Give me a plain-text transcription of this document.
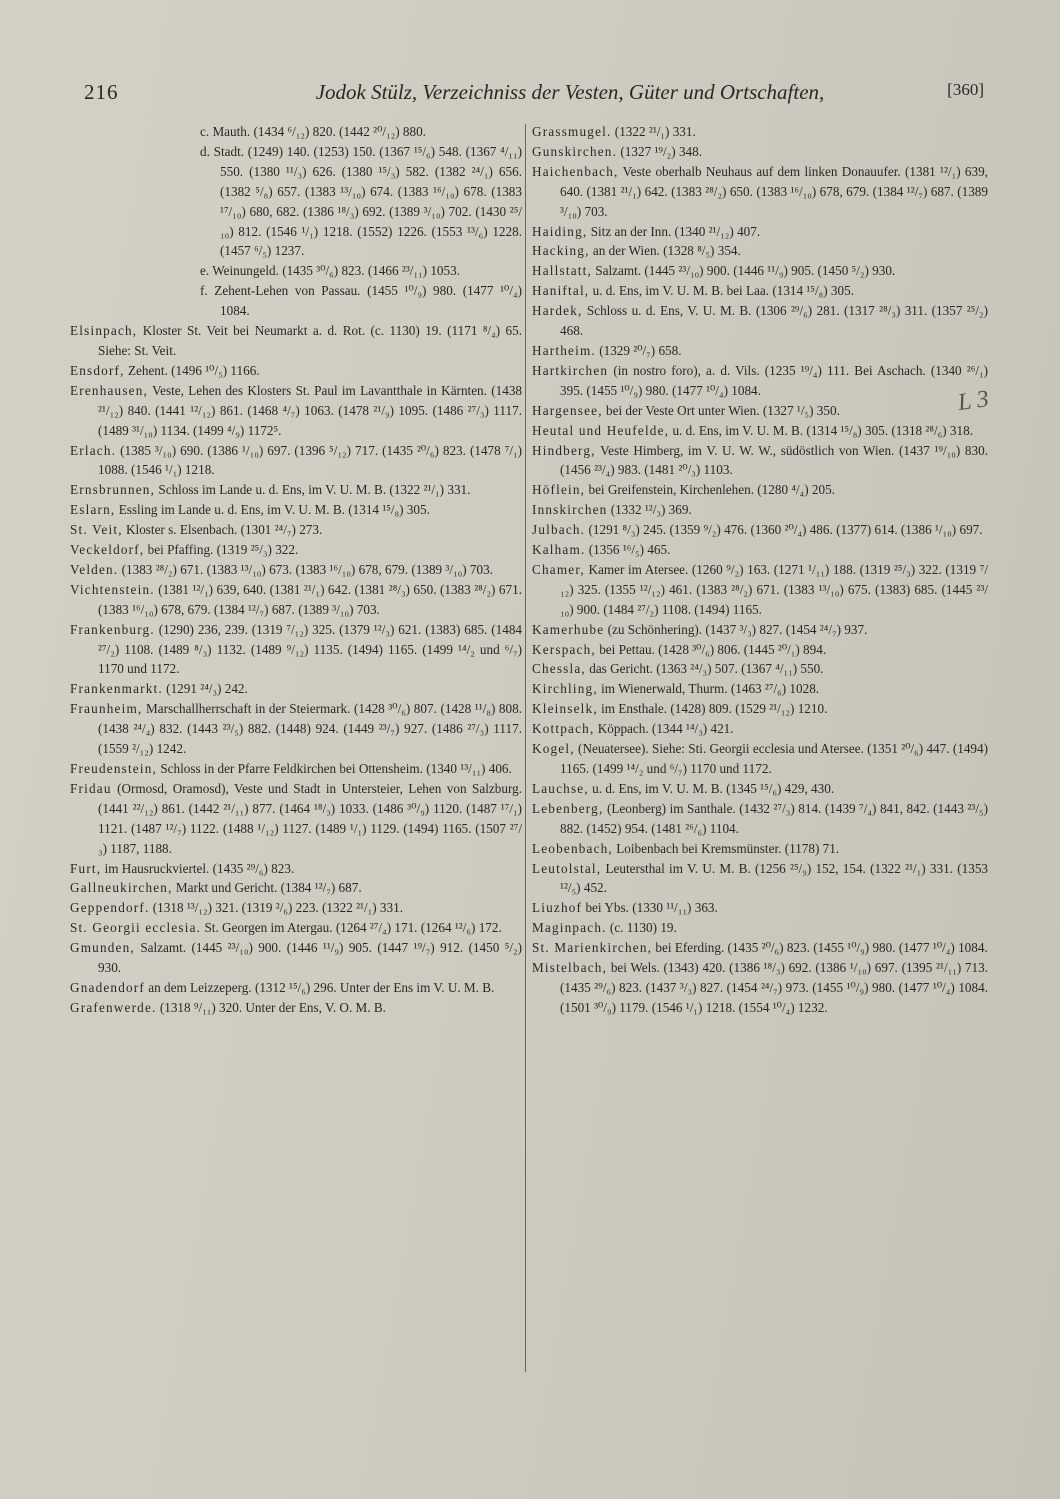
216	Jodok Stülz, Verzeichniss der Vesten, Güter und Ortschaften,	[360]

c. Mauth. (1434 ⁶/₁₂) 820. (1442 ²⁰/₁₂) 880.

d. Stadt. (1249) 140. (1253) 150. (1367 ¹⁵/₆) 548. (1367 ⁴/₁₁) 550. (1380 ¹¹/₃) 626. (1380 ¹⁵/₃) 582. (1382 ²⁴/₁) 656. (1382 ⁵/₈) 657. (1383 ¹³/₁₀) 674. (1383 ¹⁶/₁₀) 678. (1383 ¹⁷/₁₀) 680, 682. (1386 ¹⁸/₃) 692. (1389 ³/₁₀) 702. (1430 ²⁵/₁₀) 812. (1546 ¹/₁) 1218. (1552) 1226. (1553 ¹³/₆) 1228. (1457 ⁶/₅) 1237.

e. Weinungeld. (1435 ³⁰/₆) 823. (1466 ²³/₁₁) 1053.

f. Zehent-Lehen von Passau. (1455 ¹⁰/₉) 980. (1477 ¹⁰/₄) 1084.

Elsinpach, Kloster St. Veit bei Neumarkt a. d. Rot. (c. 1130) 19. (1171 ⁸/₄) 65. Siehe: St. Veit.

Ensdorf, Zehent. (1496 ¹⁰/₅) 1166.

Erenhausen, Veste, Lehen des Klosters St. Paul im Lavantthale in Kärnten. (1438 ²¹/₁₂) 840. (1441 ¹²/₁₂) 861. (1468 ⁴/₇) 1063. (1478 ²¹/₉) 1095. (1486 ²⁷/₃) 1117. (1489 ³¹/₁₀) 1134. (1499 ⁴/₉) 1172⁵.

Erlach. (1385 ³/₁₀) 690. (1386 ¹/₁₀) 697. (1396 ⁵/₁₂) 717. (1435 ²⁰/₆) 823. (1478 ⁷/₁) 1088. (1546 ¹/₁) 1218.

Ernsbrunnen, Schloss im Lande u. d. Ens, im V. U. M. B. (1322 ²¹/₁) 331.

Eslarn, Essling im Lande u. d. Ens, im V. U. M. B. (1314 ¹⁵/₈) 305.

St. Veit, Kloster s. Elsenbach. (1301 ²⁴/₇) 273.

Veckeldorf, bei Pfaffing. (1319 ²⁵/₃) 322.

Velden. (1383 ²⁸/₂) 671. (1383 ¹³/₁₀) 673. (1383 ¹⁶/₁₀) 678, 679. (1389 ³/₁₀) 703.

Vichtenstein. (1381 ¹²/₁) 639, 640. (1381 ²¹/₁) 642. (1381 ²⁸/₃) 650. (1383 ²⁸/₂) 671. (1383 ¹⁶/₁₀) 678, 679. (1384 ¹²/₇) 687. (1389 ³/₁₀) 703.

Frankenburg. (1290) 236, 239. (1319 ⁷/₁₂) 325. (1379 ¹²/₃) 621. (1383) 685. (1484 ²⁷/₂) 1108. (1489 ⁸/₃) 1132. (1489 ⁹/₁₂) 1135. (1494) 1165. (1499 ¹⁴/₂ und ⁶/₇) 1170 und 1172.

Frankenmarkt. (1291 ²⁴/₃) 242.

Fraunheim, Marschallherrschaft in der Steiermark. (1428 ³⁰/₆) 807. (1428 ¹¹/₈) 808. (1438 ²⁴/₄) 832. (1443 ²³/₅) 882. (1448) 924. (1449 ²³/₇) 927. (1486 ²⁷/₃) 1117. (1559 ²/₁₂) 1242.

Freudenstein, Schloss in der Pfarre Feldkirchen bei Ottensheim. (1340 ¹³/₁₁) 406.

Fridau (Ormosd, Oramosd), Veste und Stadt in Untersteier, Lehen von Salzburg. (1441 ²²/₁₂) 861. (1442 ²¹/₁₁) 877. (1464 ¹⁸/₃) 1033. (1486 ³⁰/₉) 1120. (1487 ¹⁷/₁) 1121. (1487 ¹²/₇) 1122. (1488 ¹/₁₂) 1127. (1489 ¹/₁) 1129. (1494) 1165. (1507 ²⁷/₃) 1187, 1188.

Furt, im Hausruckviertel. (1435 ²⁹/₆) 823.

Gallneukirchen, Markt und Gericht. (1384 ¹²/₇) 687.

Geppendorf. (1318 ¹³/₁₂) 321. (1319 ²/₆) 223. (1322 ²¹/₁) 331.

St. Georgii ecclesia. St. Georgen im Atergau. (1264 ²⁷/₄) 171. (1264 ¹²/₆) 172.

Gmunden, Salzamt. (1445 ²³/₁₀) 900. (1446 ¹¹/₉) 905. (1447 ¹⁹/₇) 912. (1450 ⁵/₂) 930.

Gnadendorf an dem Leizzeperg. (1312 ¹⁵/₆) 296. Unter der Ens im V. U. M. B.

Grafenwerde. (1318 ⁹/₁₁) 320. Unter der Ens, V. O. M. B.

Grassmugel. (1322 ²¹/₁) 331.

Gunskirchen. (1327 ¹⁹/₂) 348.

Haichenbach, Veste oberhalb Neuhaus auf dem linken Donauufer. (1381 ¹²/₁) 639, 640. (1381 ²¹/₁) 642. (1383 ²⁸/₂) 650. (1383 ¹⁶/₁₀) 678, 679. (1384 ¹²/₇) 687. (1389 ³/₁₀) 703.

Haiding, Sitz an der Inn. (1340 ²¹/₁₂) 407.

Hacking, an der Wien. (1328 ⁸/₅) 354.

Hallstatt, Salzamt. (1445 ²³/₁₀) 900. (1446 ¹¹/₉) 905. (1450 ⁵/₂) 930.

Haniftal, u. d. Ens, im V. U. M. B. bei Laa. (1314 ¹⁵/₈) 305.

Hardek, Schloss u. d. Ens, V. U. M. B. (1306 ²⁹/₆) 281. (1317 ²⁸/₃) 311. (1357 ²⁵/₂) 468.

Hartheim. (1329 ²⁰/₇) 658.

Hartkirchen (in nostro foro), a. d. Vils. (1235 ¹⁹/₄) 111. Bei Aschach. (1340 ²⁶/₁) 395. (1455 ¹⁰/₉) 980. (1477 ¹⁰/₄) 1084.

Hargensee, bei der Veste Ort unter Wien. (1327 ¹/₅) 350.

Heutal und Heufelde, u. d. Ens, im V. U. M. B. (1314 ¹⁵/₈) 305. (1318 ²⁸/₆) 318.

Hindberg, Veste Himberg, im V. U. W. W., südöstlich von Wien. (1437 ¹⁹/₁₀) 830. (1456 ²³/₄) 983. (1481 ²⁰/₃) 1103.

Höflein, bei Greifenstein, Kirchenlehen. (1280 ⁴/₄) 205.

Innskirchen (1332 ¹²/₃) 369.

Julbach. (1291 ⁸/₃) 245. (1359 ⁹/₂) 476. (1360 ²⁰/₄) 486. (1377) 614. (1386 ¹/₁₀) 697.

Kalham. (1356 ¹⁶/₅) 465.

Chamer, Kamer im Atersee. (1260 ⁹/₂) 163. (1271 ¹/₁₁) 188. (1319 ²⁵/₃) 322. (1319 ⁷/₁₂) 325. (1355 ¹²/₁₂) 461. (1383 ²⁸/₂) 671. (1383 ¹³/₁₀) 675. (1383) 685. (1445 ²³/₁₀) 900. (1484 ²⁷/₂) 1108. (1494) 1165.

Kamerhube (zu Schönhering). (1437 ³/₃) 827. (1454 ²⁴/₇) 937.

Kerspach, bei Pettau. (1428 ³⁰/₆) 806. (1445 ²⁰/₁) 894.

Chessla, das Gericht. (1363 ²⁴/₃) 507. (1367 ⁴/₁₁) 550.

Kirchling, im Wienerwald, Thurm. (1463 ²⁷/₆) 1028.

Kleinselk, im Ensthale. (1428) 809. (1529 ²¹/₁₂) 1210.

Kottpach, Köppach. (1344 ¹⁴/₃) 421.

Kogel, (Neuatersee). Siehe: Sti. Georgii ecclesia und Atersee. (1351 ²⁰/₆) 447. (1494) 1165. (1499 ¹⁴/₂ und ⁶/₇) 1170 und 1172.

Lauchse, u. d. Ens, im V. U. M. B. (1345 ¹⁵/₆) 429, 430.

Lebenberg, (Leonberg) im Santhale. (1432 ²⁷/₃) 814. (1439 ⁷/₄) 841, 842. (1443 ²³/₅) 882. (1452) 954. (1481 ²⁶/₆) 1104.

Leobenbach, Loibenbach bei Kremsmünster. (1178) 71.

Leutolstal, Leutersthal im V. U. M. B. (1256 ²⁵/₉) 152, 154. (1322 ²¹/₁) 331. (1353 ¹²/₅) 452.

Liuzhof bei Ybs. (1330 ¹¹/₁₁) 363.

Maginpach. (c. 1130) 19.

St. Marienkirchen, bei Eferding. (1435 ²⁰/₆) 823. (1455 ¹⁰/₉) 980. (1477 ¹⁰/₄) 1084.

Mistelbach, bei Wels. (1343) 420. (1386 ¹⁸/₃) 692. (1386 ¹/₁₀) 697. (1395 ²¹/₁₁) 713. (1435 ²⁹/₆) 823. (1437 ³/₃) 827. (1454 ²⁴/₇) 973. (1455 ¹⁰/₉) 980. (1477 ¹⁰/₄) 1084. (1501 ³⁰/₉) 1179. (1546 ¹/₁) 1218. (1554 ¹⁰/₄) 1232.

L 3
